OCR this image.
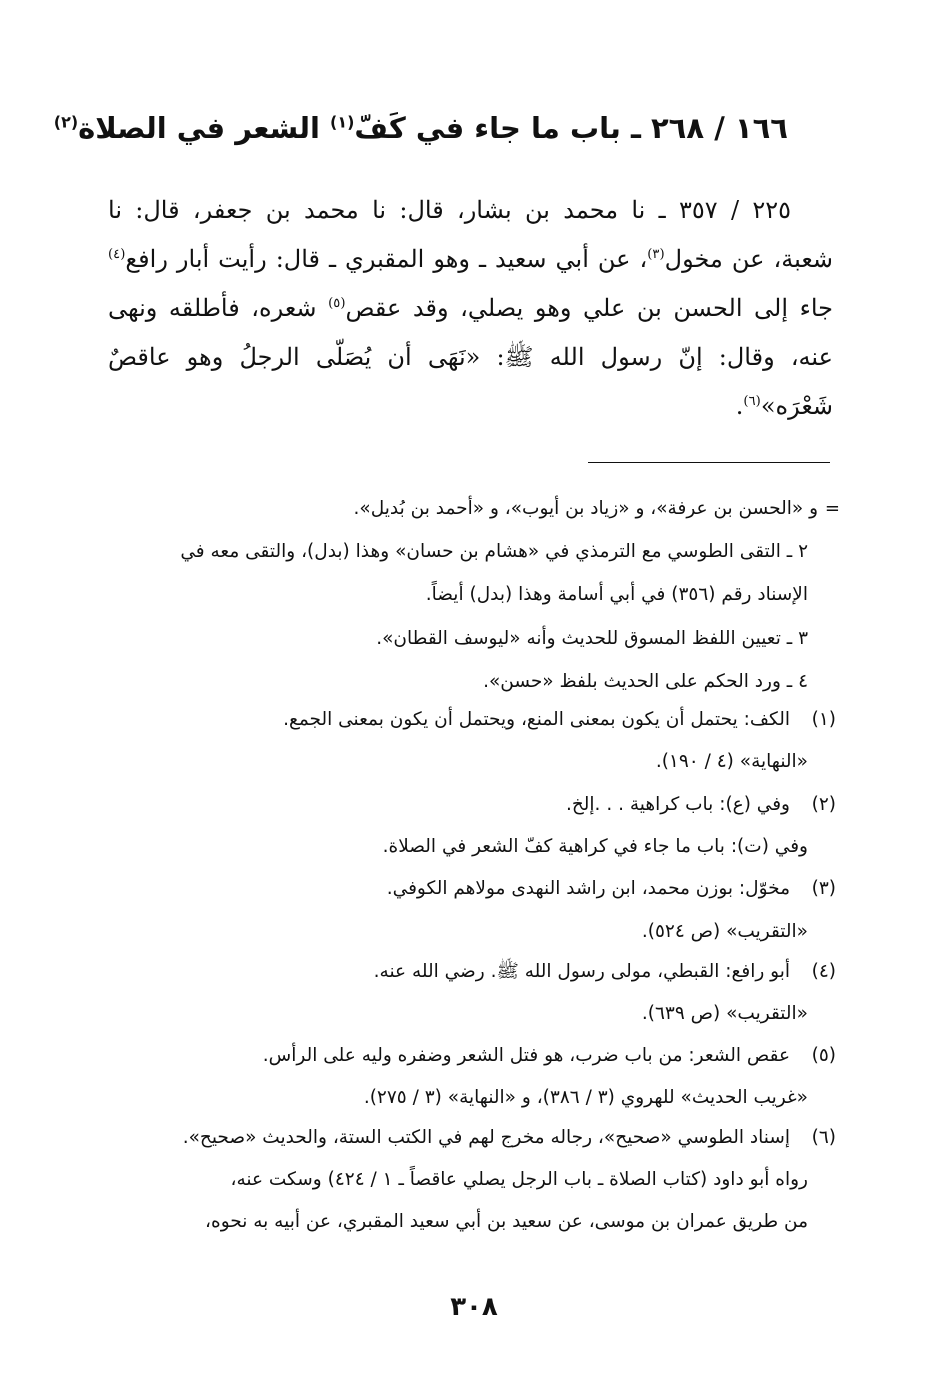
١٦٦ / ٢٦٨ ـ باب ما جاء في كَفّ$^{(١)}$ الشعر في الصلاة$^{(٢)}$
٢٢٥ / ٣٥٧ ـ نا محمد بن بشار، قال: نا محمد بن جعفر، قال: نا
شعبة، عن مخول$^{(٣)}$، عن أبي سعيد ـ وهو المقبري ـ قال: رأيت أبار رافع$^{(٤)}$
جاء إلى الحسن بن علي وهو يصلي، وقد عقص$^{(٥)}$ شعره، فأطلقه ونهى
عنه، وقال: إنّ رسول الله ﷺ: «نَهَى أن يُصَلّى الرجلُ وهو عاقصٌ
شَعْرَه»$^{(٦)}$.
=
و «الحسن بن عرفة»، و «زياد بن أيوب»، و «أحمد بن بُديل».
٢ ـ التقى الطوسي مع الترمذي في «هشام بن حسان» وهذا (بدل)، والتقى معه في
الإسناد رقم (٣٥٦) في أبي أسامة وهذا (بدل) أيضاً.
٣ ـ تعيين اللفظ المسوق للحديث وأنه «ليوسف القطان».
٤ ـ ورد الحكم على الحديث بلفظ «حسن».
(١)الكف: يحتمل أن يكون بمعنى المنع، ويحتمل أن يكون بمعنى الجمع.
«النهاية» (٤ / ١٩٠).
(٢)وفي (ع): باب كراهية . . .إلخ.
وفي (ت): باب ما جاء في كراهية كفّ الشعر في الصلاة.
(٣)مخوّل: بوزن محمد، ابن راشد النهدى مولاهم الكوفي.
«التقريب» (ص ٥٢٤).
(٤)أبو رافع: القبطي، مولى رسول الله ﷺ. رضي الله عنه.
«التقريب» (ص ٦٣٩).
(٥)عقص الشعر: من باب ضرب، هو فتل الشعر وضفره وليه على الرأس.
«غريب الحديث» للهروي (٣ / ٣٨٦)، و «النهاية» (٣ / ٢٧٥).
(٦)إسناد الطوسي «صحيح»، رجاله مخرج لهم في الكتب الستة، والحديث «صحيح».
رواه أبو داود (كتاب الصلاة ـ باب الرجل يصلي عاقصاً ـ ١ / ٤٢٤) وسكت عنه،
من طريق عمران بن موسى، عن سعيد بن أبي سعيد المقبري، عن أبيه به نحوه،
٣٠٨
